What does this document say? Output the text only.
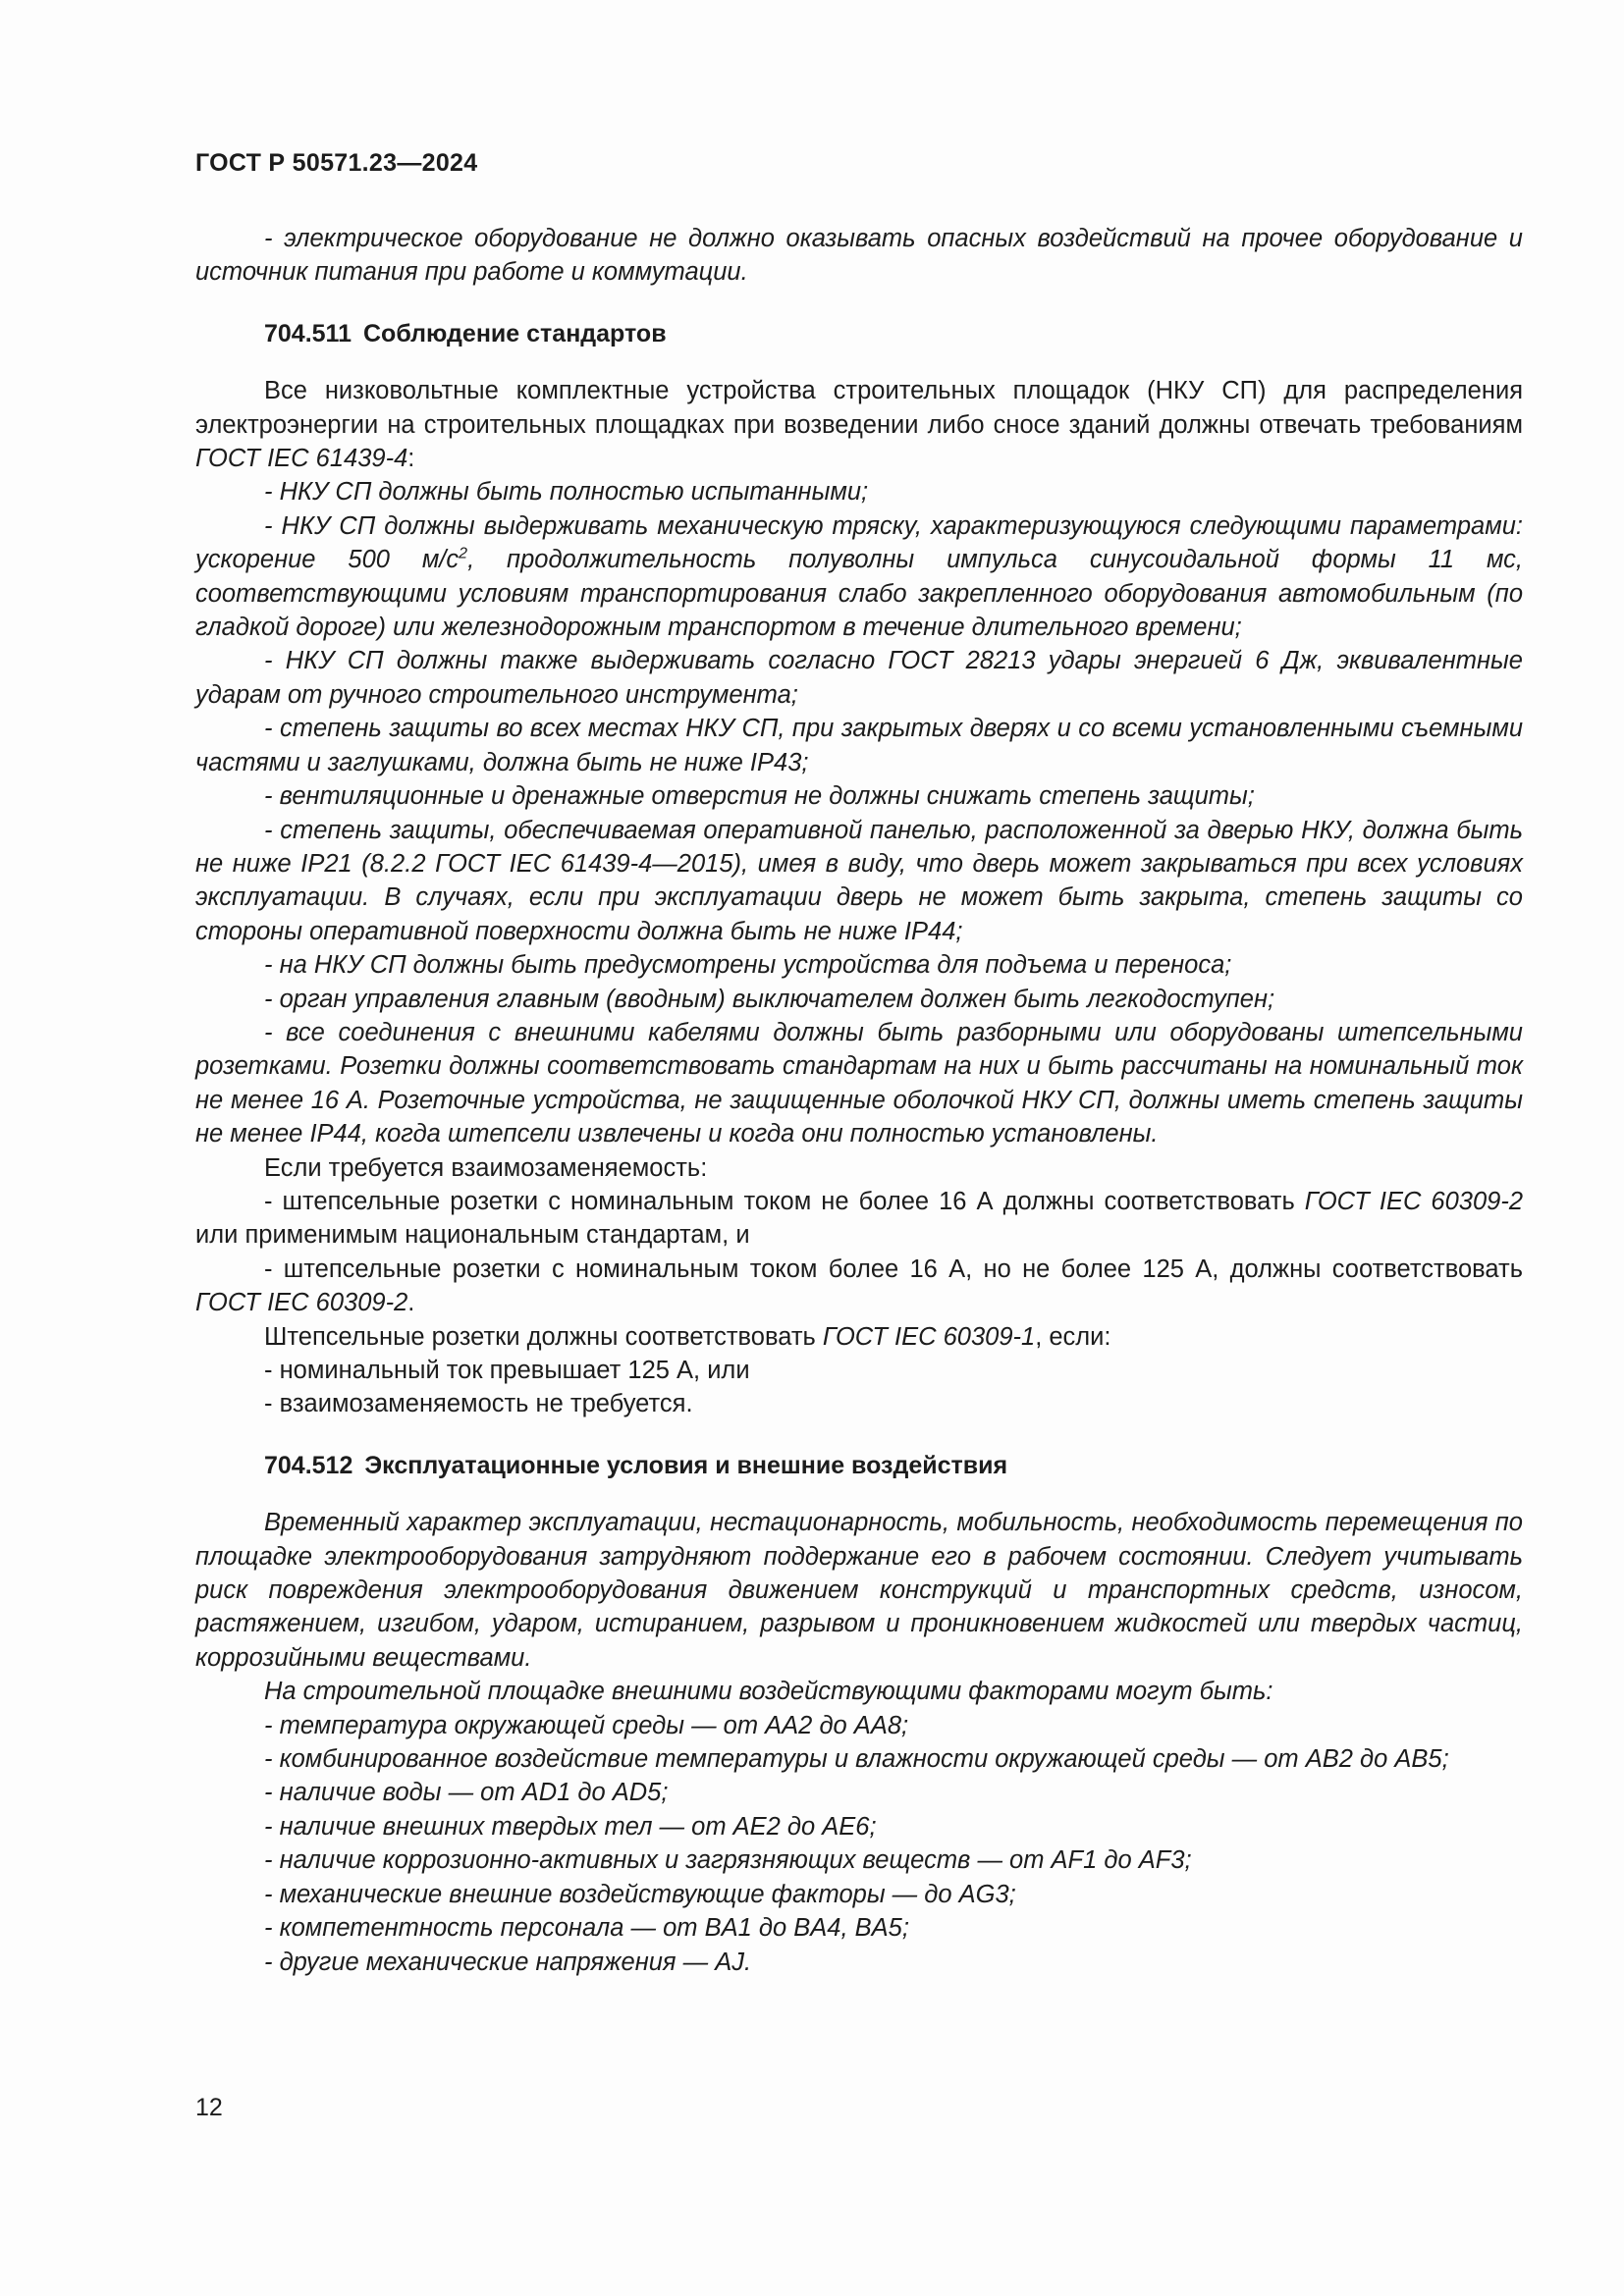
ГОСТ Р 50571.23—2024

- электрическое оборудование не должно оказывать опасных воздействий на прочее оборудование и источник питания при работе и коммутации.

704.511 Соблюдение стандартов

Все низковольтные комплектные устройства строительных площадок (НКУ СП) для распределения электроэнергии на строительных площадках при возведении либо сносе зданий должны отвечать требованиям ГОСТ IEC 61439-4:

- НКУ СП должны быть полностью испытанными;

- НКУ СП должны выдерживать механическую тряску, характеризующуюся следующими параметрами: ускорение 500 $м/с^2$, продолжительность полуволны импульса синусоидальной формы 11 мс, соответствующими условиям транспортирования слабо закрепленного оборудования автомобильным (по гладкой дороге) или железнодорожным транспортом в течение длительного времени;

- НКУ СП должны также выдерживать согласно ГОСТ 28213 удары энергией 6 Дж, эквивалентные ударам от ручного строительного инструмента;

- степень защиты во всех местах НКУ СП, при закрытых дверях и со всеми установленными съемными частями и заглушками, должна быть не ниже IP43;

- вентиляционные и дренажные отверстия не должны снижать степень защиты;

- степень защиты, обеспечиваемая оперативной панелью, расположенной за дверью НКУ, должна быть не ниже IP21 (8.2.2 ГОСТ IEC 61439-4—2015), имея в виду, что дверь может закрываться при всех условиях эксплуатации. В случаях, если при эксплуатации дверь не может быть закрыта, степень защиты со стороны оперативной поверхности должна быть не ниже IP44;

- на НКУ СП должны быть предусмотрены устройства для подъема и переноса;

- орган управления главным (вводным) выключателем должен быть легкодоступен;

- все соединения с внешними кабелями должны быть разборными или оборудованы штепсельными розетками. Розетки должны соответствовать стандартам на них и быть рассчитаны на номинальный ток не менее 16 А. Розеточные устройства, не защищенные оболочкой НКУ СП, должны иметь степень защиты не менее IP44, когда штепсели извлечены и когда они полностью установлены.

Если требуется взаимозаменяемость:

- штепсельные розетки с номинальным током не более 16 А должны соответствовать ГОСТ IEC 60309-2 или применимым национальным стандартам, и

- штепсельные розетки с номинальным током более 16 А, но не более 125 А, должны соответствовать ГОСТ IEC 60309-2.

Штепсельные розетки должны соответствовать ГОСТ IEC 60309-1, если:

- номинальный ток превышает 125 А, или

- взаимозаменяемость не требуется.

704.512 Эксплуатационные условия и внешние воздействия

Временный характер эксплуатации, нестационарность, мобильность, необходимость перемещения по площадке электрооборудования затрудняют поддержание его в рабочем состоянии. Следует учитывать риск повреждения электрооборудования движением конструкций и транспортных средств, износом, растяжением, изгибом, ударом, истиранием, разрывом и проникновением жидкостей или твердых частиц, коррозийными веществами.

На строительной площадке внешними воздействующими факторами могут быть:

- температура окружающей среды — от AA2 до AA8;

- комбинированное воздействие температуры и влажности окружающей среды — от AB2 до AB5;

- наличие воды — от AD1 до AD5;

- наличие внешних твердых тел — от AE2 до AE6;

- наличие коррозионно-активных и загрязняющих веществ — от AF1 до AF3;

- механические внешние воздействующие факторы — до AG3;

- компетентность персонала — от BA1 до BA4, BA5;

- другие механические напряжения — AJ.

12
